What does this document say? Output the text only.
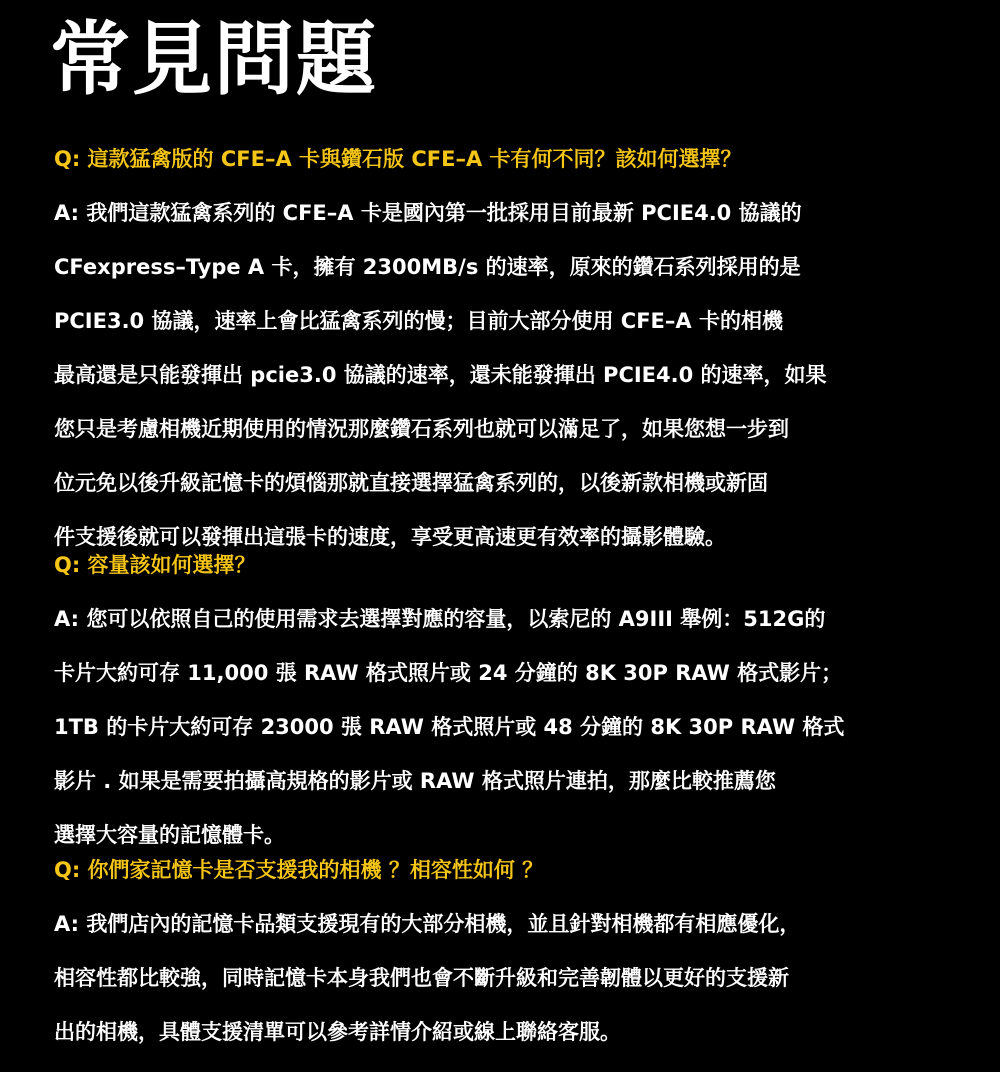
常見問題
Q: 這款猛禽版的 CFE–A 卡與鑽石版 CFE–A 卡有何不同？該如何選擇？
A: 我們這款猛禽系列的 CFE–A 卡是國內第一批採用目前最新 PCIE4.0 協議的
CFexpress–Type A 卡，擁有 2300MB/s 的速率，原來的鑽石系列採用的是
PCIE3.0 協議，速率上會比猛禽系列的慢；目前大部分使用 CFE–A 卡的相機
最高還是只能發揮出 pcie3.0 協議的速率，還未能發揮出 PCIE4.0 的速率，如果
您只是考慮相機近期使用的情況那麼鑽石系列也就可以滿足了，如果您想一步到
位元免以後升級記憶卡的煩惱那就直接選擇猛禽系列的，以後新款相機或新固
件支援後就可以發揮出這張卡的速度，享受更高速更有效率的攝影體驗。
Q: 容量該如何選擇？
A: 您可以依照自己的使用需求去選擇對應的容量，以索尼的 A9III 舉例：512G的
卡片大約可存 11,000 張 RAW 格式照片或 24 分鐘的 8K 30P RAW 格式影片；
1TB 的卡片大約可存 23000 張 RAW 格式照片或 48 分鐘的 8K 30P RAW 格式
影片 . 如果是需要拍攝高規格的影片或 RAW 格式照片連拍，那麼比較推薦您
選擇大容量的記憶體卡。
Q: 你們家記憶卡是否支援我的相機 ？相容性如何 ？
A: 我們店內的記憶卡品類支援現有的大部分相機，並且針對相機都有相應優化，
相容性都比較強，同時記憶卡本身我們也會不斷升級和完善韌體以更好的支援新
出的相機，具體支援清單可以參考詳情介紹或線上聯絡客服。
